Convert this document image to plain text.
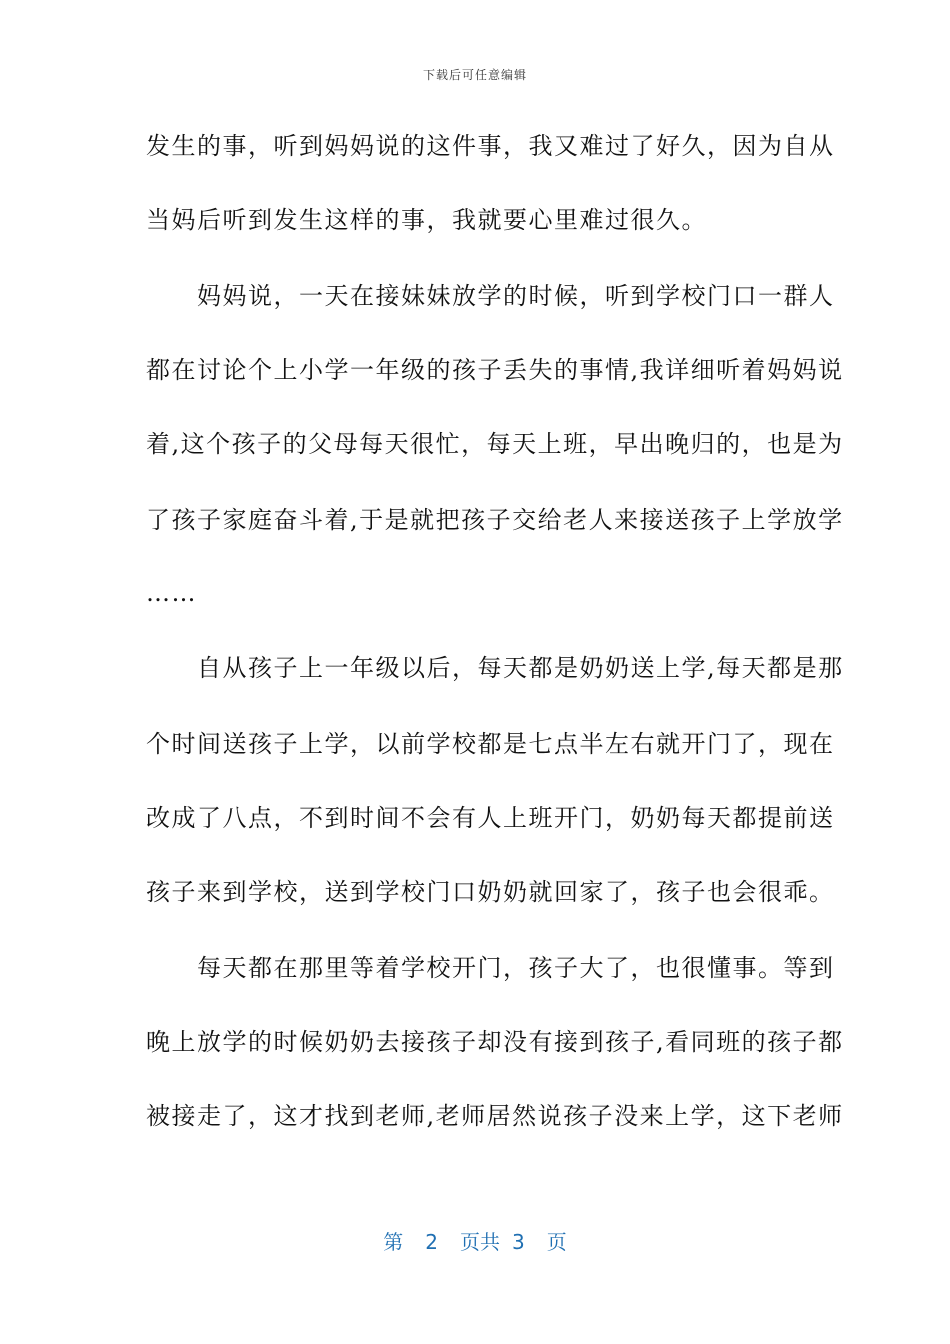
下载后可任意编辑
发生的事，听到妈妈说的这件事，我又难过了好久，因为自从
当妈后听到发生这样的事，我就要心里难过很久。
　　妈妈说，一天在接妹妹放学的时候，听到学校门口一群人
都在讨论个上小学一年级的孩子丢失的事情,我详细听着妈妈说
着,这个孩子的父母每天很忙，每天上班，早出晚归的，也是为
了孩子家庭奋斗着,于是就把孩子交给老人来接送孩子上学放学
……
　　自从孩子上一年级以后，每天都是奶奶送上学,每天都是那
个时间送孩子上学，以前学校都是七点半左右就开门了，现在
改成了八点，不到时间不会有人上班开门，奶奶每天都提前送
孩子来到学校，送到学校门口奶奶就回家了，孩子也会很乖。
　　每天都在那里等着学校开门，孩子大了，也很懂事。等到
晚上放学的时候奶奶去接孩子却没有接到孩子,看同班的孩子都
被接走了，这才找到老师,老师居然说孩子没来上学，这下老师
第 2 页共 3 页
